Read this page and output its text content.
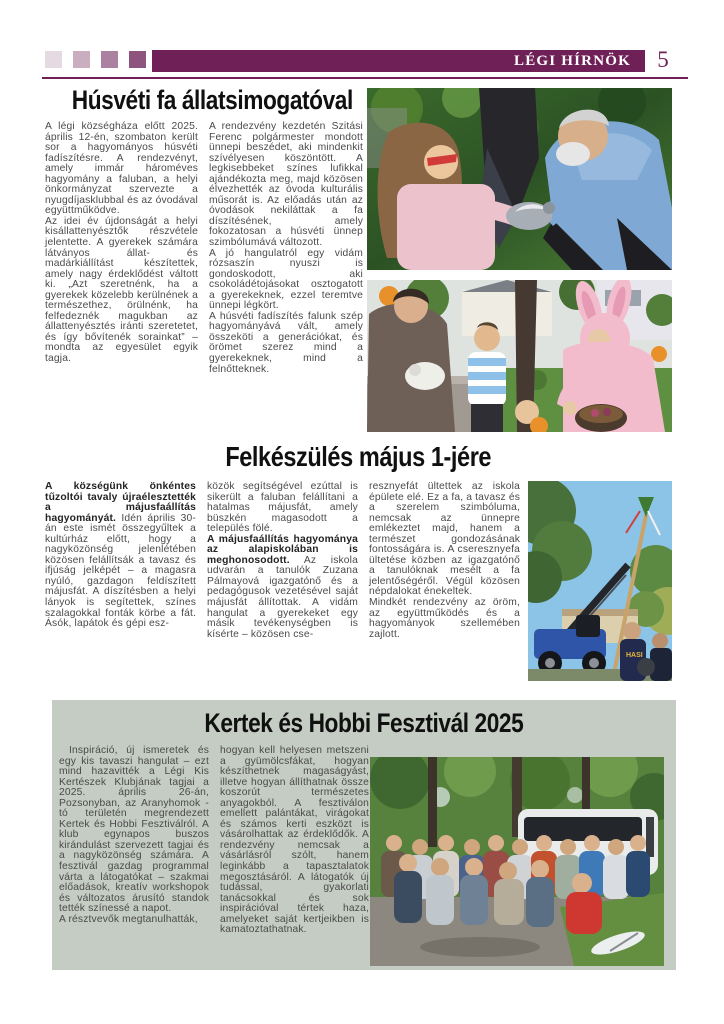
LÉGI HÍRNÖK	5
Húsvéti fa állatsimogatóval

A légi községháza előtt 2025. április 12-én, szombaton került sor a hagyományos húsvéti fadíszítésre. A rendezvényt, amely immár hároméves hagyomány a faluban, a helyi önkormányzat szervezte a nyugdíjasklubbal és az óvodával együttműködve.

Az idei év újdonságát a helyi kisállattenyésztők részvétele jelentette. A gyerekek számára látványos állat- és madárkiállítást készítettek, amely nagy érdeklődést váltott ki. „Azt szeretnénk, ha a gyerekek közelebb kerülnének a természethez, örülnénk, ha felfedeznék magukban az állattenyésztés iránti szeretetet, és így bővítenék sorainkat” – mondta az egyesület egyik tagja.

A rendezvény kezdetén Szitási Ferenc polgármester mondott ünnepi beszédet, aki mindenkit szívélyesen köszöntött. A legkisebbeket színes lufikkal ajándékozta meg, majd közösen élvezhették az óvoda kulturális műsorát is. Az előadás után az óvodások nekiláttak a fa díszítésének, amely fokozatosan a húsvéti ünnep szimbólumává változott.

A jó hangulatról egy vidám rózsaszín nyuszi is gondoskodott, aki csokoládétojásokat osztogatott a gyerekeknek, ezzel teremtve ünnepi légkört.

A húsvéti fadíszítés falunk szép hagyományává vált, amely összeköti a generációkat, és örömet szerez mind a gyerekeknek, mind a felnőtteknek.

Felkészülés május 1-jére

A községünk önkéntes tűzoltói tavaly újraélesztették a májusfaállítás hagyományát. Idén április 30-án este ismét összegyűltek a kultúrház előtt, hogy a nagyközönség jelenlétében közösen felállítsák a tavasz és ifjúság jelképét – a magasra nyúló, gazdagon feldíszített májusfát. A díszítésben a helyi lányok is segítettek, színes szalagokkal fonták körbe a fát. Ásók, lapátok és gépi esz-

közök segítségével ezúttal is sikerült a faluban felállítani a hatalmas májusfát, amely büszkén magasodott a település fölé.

A májusfaállítás hagyománya az alapiskolában is meghonosodott. Az iskola udvarán a tanulók Zuzana Pálmayová igazgatónő és a pedagógusok vezetésével saját májusfát állítottak. A vidám hangulat a gyerekeket egy másik tevékenységben is kísérte – közösen cse-

resznyefát ültettek az iskola épülete elé. Ez a fa, a tavasz és a szerelem szimbóluma, nemcsak az ünnepre emlékeztet majd, hanem a természet gondozásának fontosságára is. A cseresznyefa ültetése közben az igazgatónő a tanulóknak mesélt a fa jelentőségéről. Végül közösen népdalokat énekeltek.

Mindkét rendezvény az öröm, az együttműködés és a hagyományok szellemében zajlott.

HASI
Kertek és Hobbi Fesztivál 2025

Inspiráció, új ismeretek és egy kis tavaszi hangulat – ezt mind hazavitték a Légi Kis Kertészek Klubjának tagjai a 2025. április 26-án, Pozsonyban, az Aranyhomok -tó területén megrendezett Kertek és Hobbi Fesztiválról. A klub egynapos buszos kirándulást szervezett tagjai és a nagyközönség számára. A fesztivál gazdag programmal várta a látogatókat – szakmai előadások, kreatív workshopok és változatos árusító standok tették színessé a napot.

A résztvevők megtanulhatták,

hogyan kell helyesen metszeni a gyümölcsfákat, hogyan készíthetnek magaságyást, illetve hogyan állíthatnak össze koszorút természetes anyagokból. A fesztiválon emellett palántákat, virágokat és számos kerti eszközt is vásárolhattak az érdeklődők. A rendezvény nemcsak a vásárlásról szólt, hanem leginkább a tapasztalatok megosztásáról. A látogatók új tudással, gyakorlati tanácsokkal és sok inspirációval tértek haza, amelyeket saját kertjeikben is kamatoztathatnak.
